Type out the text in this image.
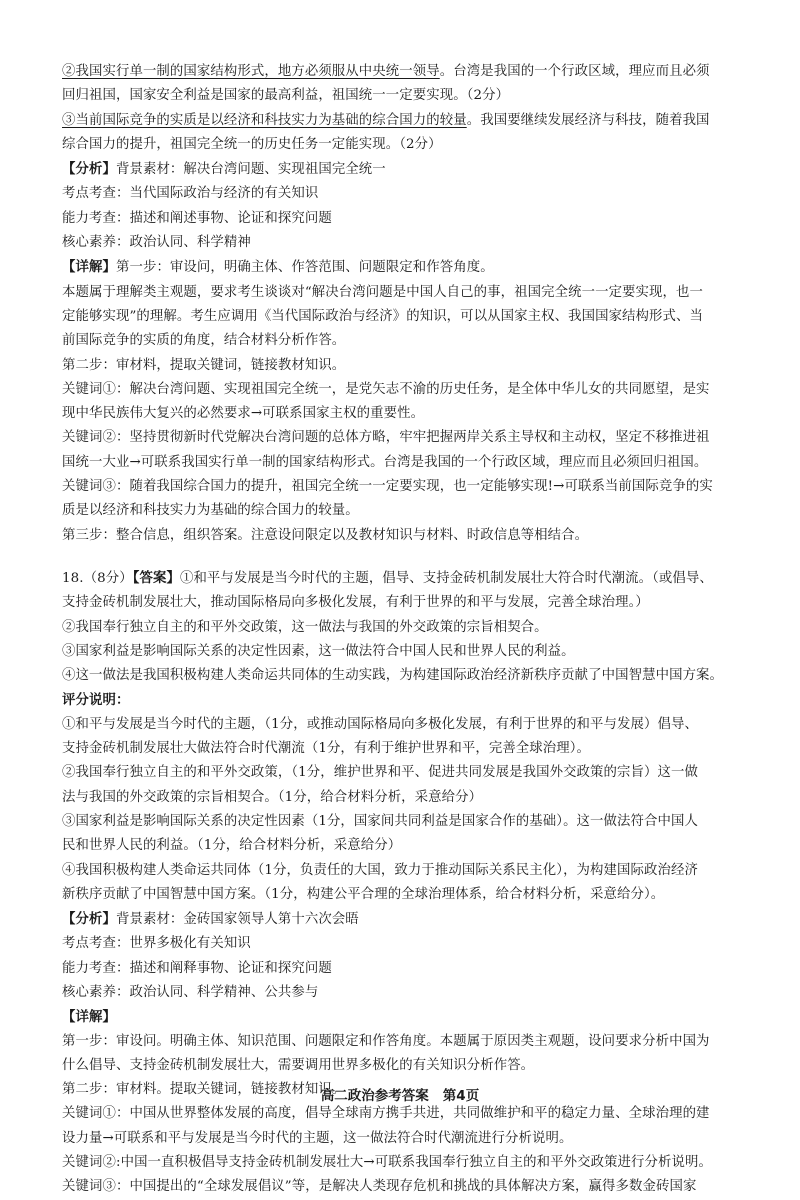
②我国实行单一制的国家结构形式，地方必须服从中央统一领导。台湾是我国的一个行政区域，理应而且必须

回归祖国，国家安全利益是国家的最高利益，祖国统一一定要实现。（2分）

③当前国际竞争的实质是以经济和科技实力为基础的综合国力的较量。我国要继续发展经济与科技，随着我国

综合国力的提升，祖国完全统一的历史任务一定能实现。（2分）

【分析】背景素材：解决台湾问题、实现祖国完全统一

考点考查：当代国际政治与经济的有关知识

能力考查：描述和阐述事物、论证和探究问题

核心素养：政治认同、科学精神

【详解】第一步：审设问，明确主体、作答范围、问题限定和作答角度。

本题属于理解类主观题，要求考生谈谈对“解决台湾问题是中国人自己的事，祖国完全统一一定要实现，也一

定能够实现”的理解。考生应调用《当代国际政治与经济》的知识，可以从国家主权、我国国家结构形式、当

前国际竞争的实质的角度，结合材料分析作答。

第二步：审材料，提取关键词，链接教材知识。

关键词①：解决台湾问题、实现祖国完全统一，是党矢志不渝的历史任务，是全体中华儿女的共同愿望，是实

现中华民族伟大复兴的必然要求→可联系国家主权的重要性。

关键词②：坚持贯彻新时代党解决台湾问题的总体方略，牢牢把握两岸关系主导权和主动权，坚定不移推进祖

国统一大业→可联系我国实行单一制的国家结构形式。台湾是我国的一个行政区域，理应而且必须回归祖国。

关键词③：随着我国综合国力的提升，祖国完全统一一定要实现，也一定能够实现!→可联系当前国际竞争的实

质是以经济和科技实力为基础的综合国力的较量。

第三步：整合信息，组织答案。注意设问限定以及教材知识与材料、时政信息等相结合。

18.（8分）【答案】①和平与发展是当今时代的主题，倡导、支持金砖机制发展壮大符合时代潮流。（或倡导、

支持金砖机制发展壮大，推动国际格局向多极化发展，有利于世界的和平与发展，完善全球治理。）

②我国奉行独立自主的和平外交政策，这一做法与我国的外交政策的宗旨相契合。

③国家利益是影响国际关系的决定性因素，这一做法符合中国人民和世界人民的利益。

④这一做法是我国积极构建人类命运共同体的生动实践，为构建国际政治经济新秩序贡献了中国智慧中国方案。

评分说明：

①和平与发展是当今时代的主题，（1分，或推动国际格局向多极化发展，有利于世界的和平与发展）倡导、

支持金砖机制发展壮大做法符合时代潮流（1分，有利于维护世界和平，完善全球治理）。

②我国奉行独立自主的和平外交政策，（1分，维护世界和平、促进共同发展是我国外交政策的宗旨）这一做

法与我国的外交政策的宗旨相契合。（1分，给合材料分析，采意给分）

③国家利益是影响国际关系的决定性因素（1分，国家间共同利益是国家合作的基础）。这一做法符合中国人

民和世界人民的利益。（1分，给合材料分析，采意给分）

④我国积极构建人类命运共同体（1分，负责任的大国，致力于推动国际关系民主化），为构建国际政治经济

新秩序贡献了中国智慧中国方案。（1分，构建公平合理的全球治理体系，给合材料分析，采意给分）。

【分析】背景素材：金砖国家领导人第十六次会晤

考点考查：世界多极化有关知识

能力考查：描述和阐释事物、论证和探究问题

核心素养：政治认同、科学精神、公共参与

【详解】

第一步：审设问。明确主体、知识范围、问题限定和作答角度。本题属于原因类主观题，设问要求分析中国为

什么倡导、支持金砖机制发展壮大，需要调用世界多极化的有关知识分析作答。

第二步：审材料。提取关键词，链接教材知识。

关键词①：中国从世界整体发展的高度，倡导全球南方携手共进，共同做维护和平的稳定力量、全球治理的建

设力量→可联系和平与发展是当今时代的主题，这一做法符合时代潮流进行分析说明。

关键词②:中国一直积极倡导支持金砖机制发展壮大→可联系我国奉行独立自主的和平外交政策进行分析说明。

关键词③：中国提出的“全球发展倡议”等，是解决人类现存危机和挑战的具体解决方案，赢得多数金砖国家

高二政治参考答案 第4页
